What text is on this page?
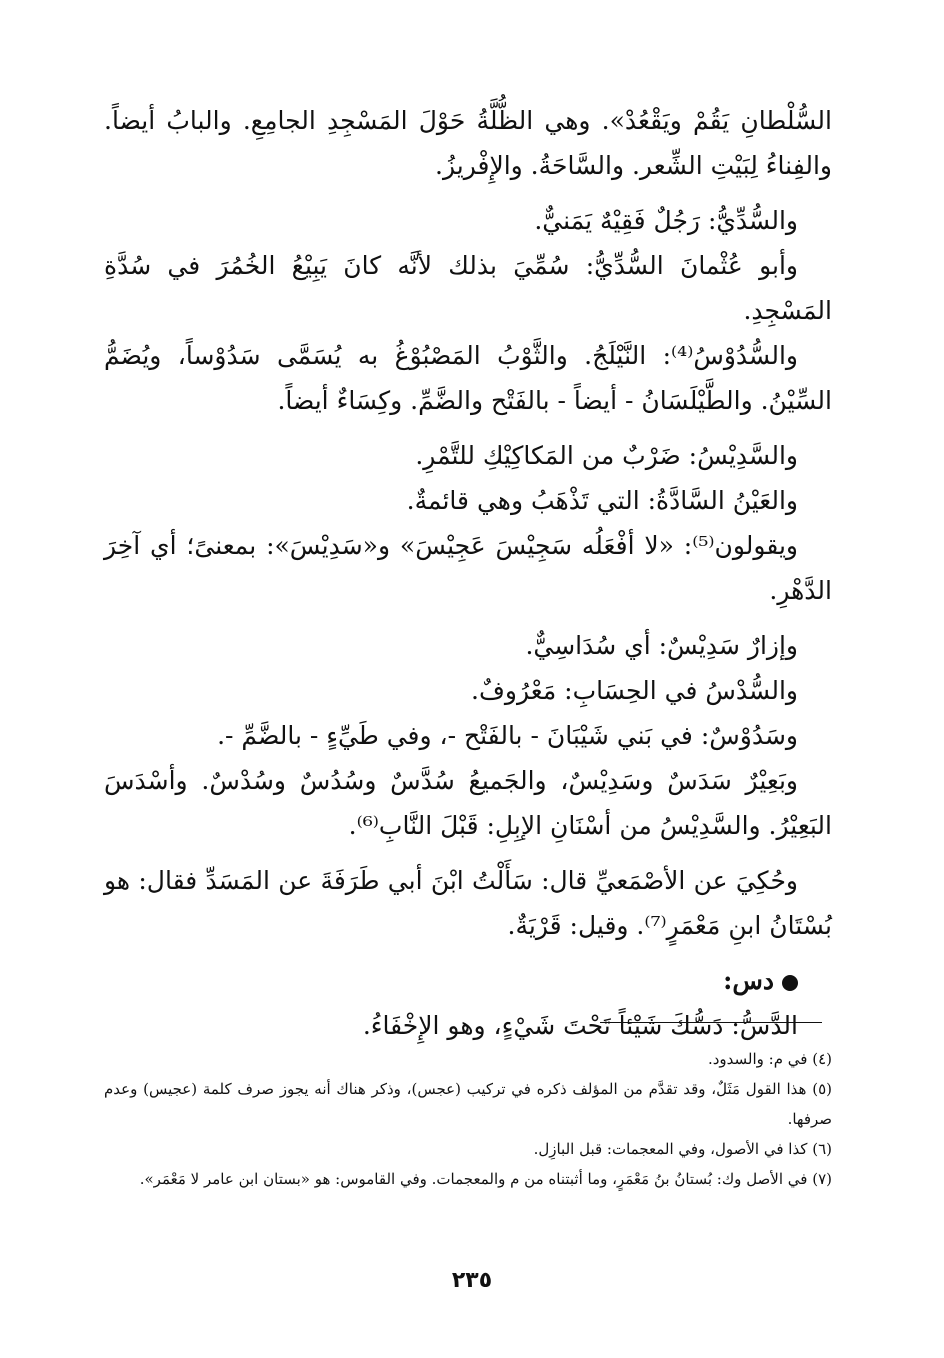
السُّلْطانِ يَقُمْ ويَقْعُدْ». وهي الظُّلَّةُ حَوْلَ المَسْجِدِ الجامِعِ. والبابُ أيضاً. والفِناءُ لِبَيْتِ الشِّعر. والسَّاحَةُ. والإِفْريزُ.

والسُّدِّيُّ: رَجُلٌ فَقِيْهٌ يَمَنيٌّ.

وأبو عُثْمانَ السُّدِّيُّ: سُمِّيَ بذلك لأنَّه كانَ يَبِيْعُ الخُمُرَ في سُدَّةِ المَسْجِدِ.

والسُّدُوْسُ⁽⁴⁾: النَّيْلَجُ. والثَّوْبُ المَصْبُوْغُ به يُسَمَّى سَدُوْساً، ويُضَمُّ السِّيْنُ. والطَّيْلَسَانُ - أيضاً - بالفَتْح والضَّمِّ. وكِسَاءٌ أيضاً.

والسَّدِيْسُ: ضَرْبٌ من المَكاكِيْكِ للتَّمْرِ.

والعَيْنُ السَّادَّةُ: التي تَذْهَبُ وهي قائمةٌ.

ويقولون⁽⁵⁾: «لا أفْعَلُه سَجِيْسَ عَجِيْسَ» و«سَدِيْسَ»: بمعنىً؛ أي آخِرَ الدَّهْرِ.

وإزارٌ سَدِيْسٌ: أي سُدَاسِيٌّ.

والسُّدْسُ في الحِسَابِ: مَعْرُوفٌ.

وسَدُوْسٌ: في بَني شَيْبَانَ - بالفَتْح -، وفي طَيِّءٍ - بالضَّمِّ -.

وبَعِيْرٌ سَدَسٌ وسَدِيْسٌ، والجَميعُ سُدَّسٌ وسُدُسٌ وسُدْسٌ. وأسْدَسَ البَعِيْرُ. والسَّدِيْسُ من أسْنَانِ الإبِلِ: قَبْلَ النَّابِ⁽⁶⁾.

وحُكِيَ عن الأصْمَعيِّ قال: سَأَلْتُ ابْنَ أبي طَرَفَةَ عن المَسَدِّ فقال: هو بُسْتَانُ ابنِ مَعْمَرٍ⁽⁷⁾. وقيل: قَرْيَةٌ.

دس:

الدَّسُّ: دَسُّكَ شَيْئاً تَحْتَ شَيْءٍ، وهو الإِخْفَاءُ.

(٤) في م: والسدود.

(٥) هذا القول مَثَلٌ، وقد تقدَّم من المؤلف ذكره في تركيب (عجس)، وذكر هناك أنه يجوز صرف كلمة (عجيس) وعدم صرفها.

(٦) كذا في الأصول، وفي المعجمات: قبل البازِل.

(٧) في الأصل وك: بُستانُ بنُ مَعْمَرٍ، وما أثبتناه من م والمعجمات. وفي القاموس: هو «بستان ابن عامر لا مَعْمَر».

٢٣٥
